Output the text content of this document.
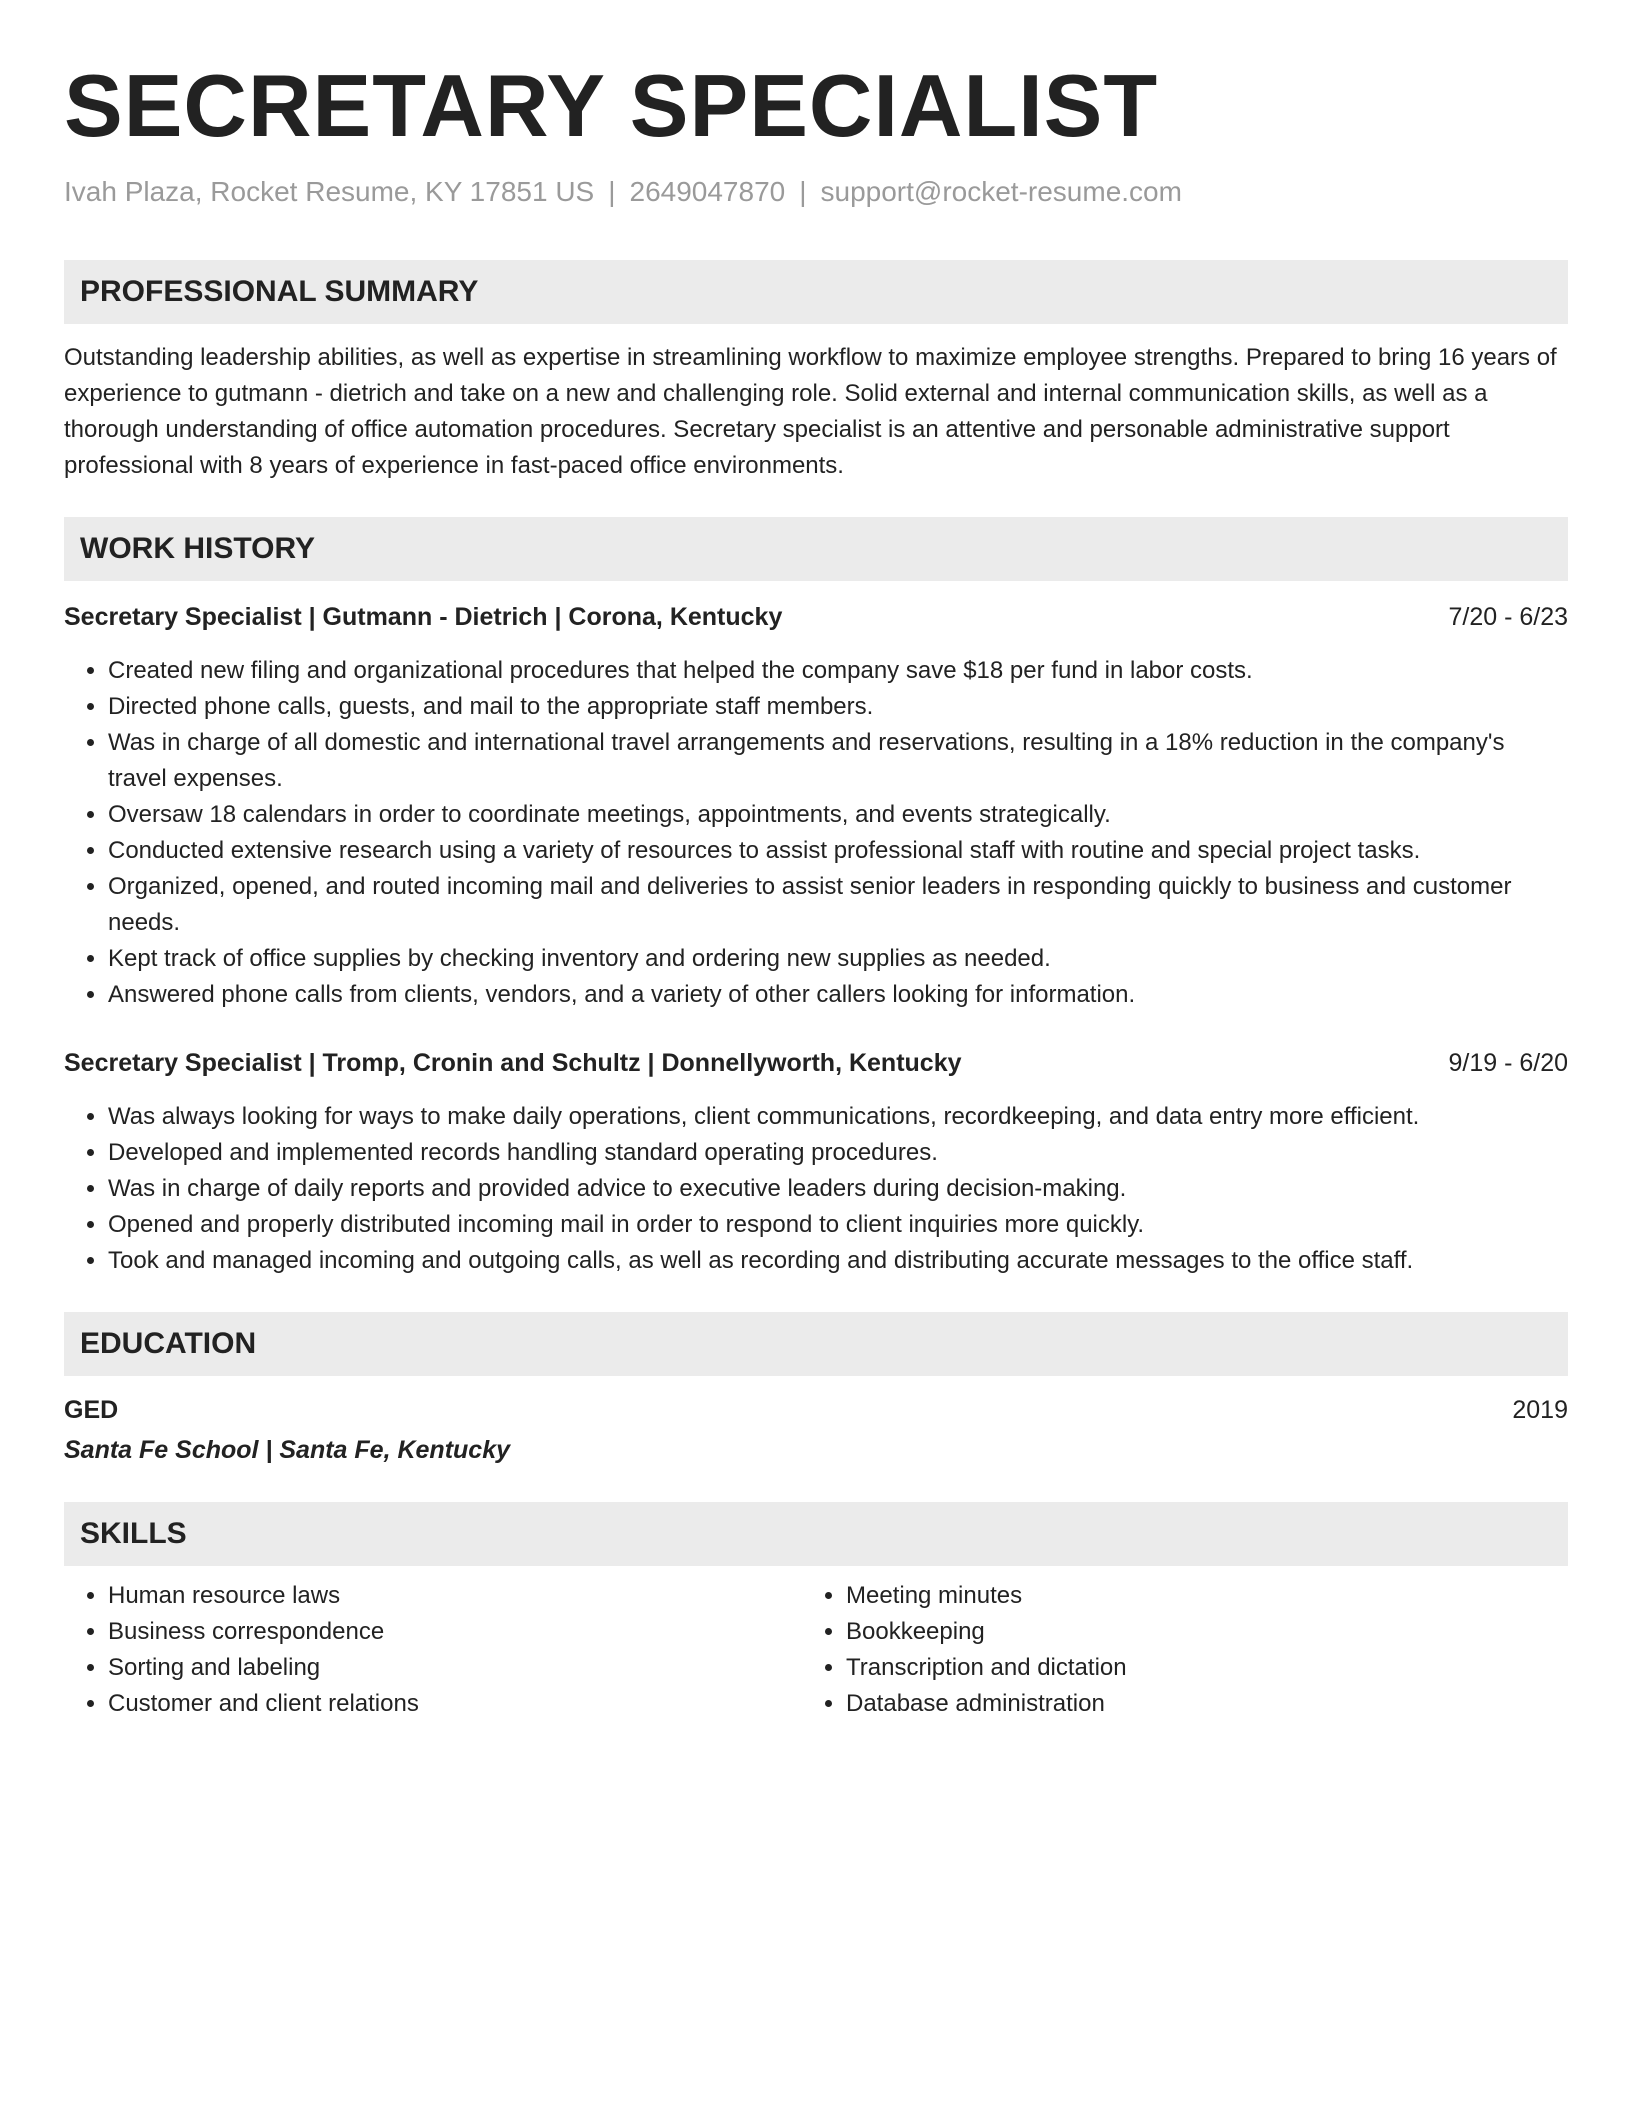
SECRETARY SPECIALIST
Ivah Plaza, Rocket Resume, KY 17851 US | 2649047870 | support@rocket-resume.com
PROFESSIONAL SUMMARY
Outstanding leadership abilities, as well as expertise in streamlining workflow to maximize employee strengths. Prepared to bring 16 years of experience to gutmann - dietrich and take on a new and challenging role. Solid external and internal communication skills, as well as a thorough understanding of office automation procedures. Secretary specialist is an attentive and personable administrative support professional with 8 years of experience in fast-paced office environments.
WORK HISTORY
Secretary Specialist | Gutmann - Dietrich | Corona, Kentucky	7/20 - 6/23
• Created new filing and organizational procedures that helped the company save $18 per fund in labor costs.
• Directed phone calls, guests, and mail to the appropriate staff members.
• Was in charge of all domestic and international travel arrangements and reservations, resulting in a 18% reduction in the company's travel expenses.
• Oversaw 18 calendars in order to coordinate meetings, appointments, and events strategically.
• Conducted extensive research using a variety of resources to assist professional staff with routine and special project tasks.
• Organized, opened, and routed incoming mail and deliveries to assist senior leaders in responding quickly to business and customer needs.
• Kept track of office supplies by checking inventory and ordering new supplies as needed.
• Answered phone calls from clients, vendors, and a variety of other callers looking for information.
Secretary Specialist | Tromp, Cronin and Schultz | Donnellyworth, Kentucky	9/19 - 6/20
• Was always looking for ways to make daily operations, client communications, recordkeeping, and data entry more efficient.
• Developed and implemented records handling standard operating procedures.
• Was in charge of daily reports and provided advice to executive leaders during decision-making.
• Opened and properly distributed incoming mail in order to respond to client inquiries more quickly.
• Took and managed incoming and outgoing calls, as well as recording and distributing accurate messages to the office staff.
EDUCATION
GED	2019
Santa Fe School | Santa Fe, Kentucky
SKILLS
• Human resource laws
• Business correspondence
• Sorting and labeling
• Customer and client relations
• Meeting minutes
• Bookkeeping
• Transcription and dictation
• Database administration
